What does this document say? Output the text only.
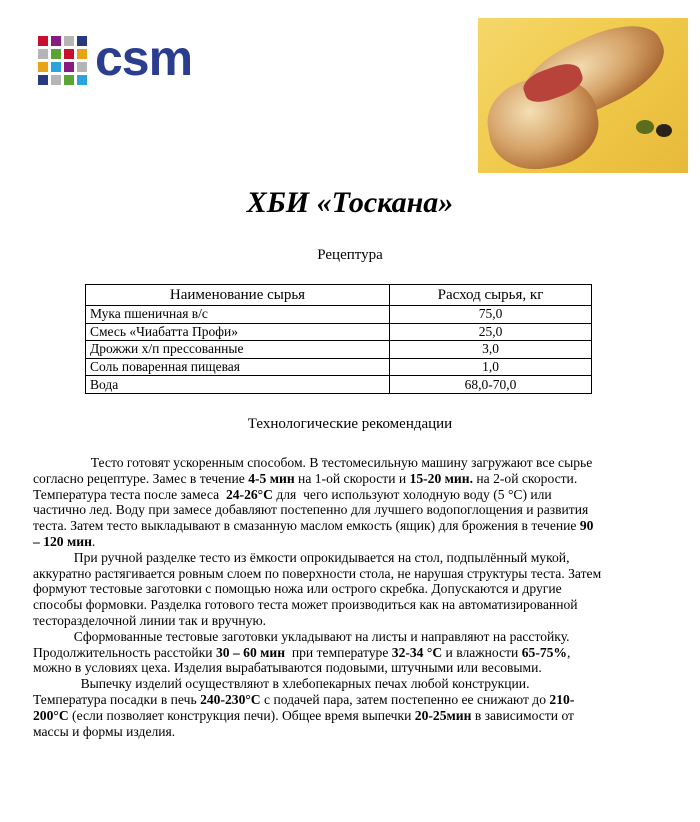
csm
ХБИ «Тоскана»
Рецептура
Наименование сырья	Расход сырья, кг
Мука пшеничная в/с	75,0
Смесь «Чиабатта Профи»	25,0
Дрожжи х/п прессованные	3,0
Соль поваренная пищевая	1,0
Вода	68,0-70,0
Технологические рекомендации
Тесто готовят ускоренным способом. В тестомесильную машину загружают все сырье
согласно рецептуре. Замес в течение 4-5 мин на 1-ой скорости и 15-20 мин. на 2-ой скорости.
Температура теста после замеса  24-26°С для  чего используют холодную воду (5 °С) или
частично лед. Воду при замесе добавляют постепенно для лучшего водопоглощения и развития
теста. Затем тесто выкладывают в смазанную маслом емкость (ящик) для брожения в течение 90
– 120 мин.
При ручной разделке тесто из ёмкости опрокидывается на стол, подпылённый мукой,
аккуратно растягивается ровным слоем по поверхности стола, не нарушая структуры теста. Затем
формуют тестовые заготовки с помощью ножа или острого скребка. Допускаются и другие
способы формовки. Разделка готового теста может производиться как на автоматизированной
тесторазделочной линии так и вручную.
Сформованные тестовые заготовки укладывают на листы и направляют на расстойку.
Продолжительность расстойки 30 – 60 мин  при температуре 32-34 °С и влажности 65-75%,
можно в условиях цеха. Изделия вырабатываются подовыми, штучными или весовыми.
Выпечку изделий осуществляют в хлебопекарных печах любой конструкции.
Температура посадки в печь 240-230°С с подачей пара, затем постепенно ее снижают до 210-
200°С (если позволяет конструкция печи). Общее время выпечки 20-25мин в зависимости от
массы и формы изделия.
